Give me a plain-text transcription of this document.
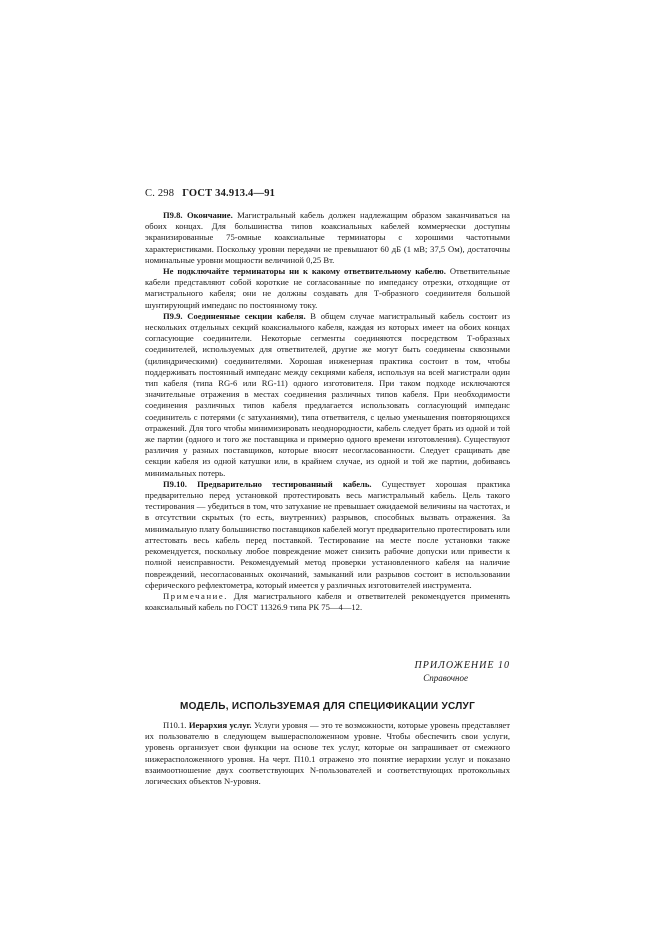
С. 298 ГОСТ 34.913.4—91

П9.8. Окончание. Магистральный кабель должен надлежащим образом заканчиваться на обоих концах. Для большинства типов коаксиальных кабелей коммерчески доступны экранизированные 75-омные коаксиальные терминаторы с хорошими частотными характеристиками. Поскольку уровни передачи не превышают 60 дБ (1 мВ; 37,5 Ом), достаточны номинальные уровни мощности величиной 0,25 Вт.

Не подключайте терминаторы ни к какому ответвительному кабелю. Ответвительные кабели представляют собой короткие не согласованные по импедансу отрезки, отходящие от магистрального кабеля; они не должны создавать для Т-образного соединителя большой шунтирующий импеданс по постоянному току.

П9.9. Соединенные секции кабеля. В общем случае магистральный кабель состоит из нескольких отдельных секций коаксиального кабеля, каждая из которых имеет на обоих концах согласующие соединители. Некоторые сегменты соединяются посредством Т-образных соединителей, используемых для ответвителей, другие же могут быть соединены сквозными (цилиндрическими) соединителями. Хорошая инженерная практика состоит в том, чтобы поддерживать постоянный импеданс между секциями кабеля, используя на всей магистрали один тип кабеля (типа RG-6 или RG-11) одного изготовителя. При таком подходе исключаются значительные отражения в местах соединения различных типов кабеля. При необходимости соединения различных типов кабеля предлагается использовать согласующий импеданс соединитель с потерями (с затуханиями), типа ответвителя, с целью уменьшения повторяющихся отражений. Для того чтобы минимизировать неоднородности, кабель следует брать из одной и той же партии (одного и того же поставщика и примерно одного времени изготовления). Существуют различия у разных поставщиков, которые вносят несогласованности. Следует сращивать две секции кабеля из одной катушки или, в крайнем случае, из одной и той же партии, добиваясь минимальных потерь.

П9.10. Предварительно тестированный кабель. Существует хорошая практика предварительно перед установкой протестировать весь магистральный кабель. Цель такого тестирования — убедиться в том, что затухание не превышает ожидаемой величины на частотах, и в отсутствии скрытых (то есть, внутренних) разрывов, способных вызвать отражения. За минимальную плату большинство поставщиков кабелей могут предварительно протестировать или аттестовать весь кабель перед поставкой. Тестирование на месте после установки также рекомендуется, поскольку любое повреждение может снизить рабочие допуски или привести к полной неисправности. Рекомендуемый метод проверки установленного кабеля на наличие повреждений, несогласованных окончаний, замыканий или разрывов состоит в использовании сферического рефлектометра, который имеется у различных изготовителей инструмента.

Примечание. Для магистрального кабеля и ответвителей рекомендуется применять коаксиальный кабель по ГОСТ 11326.9 типа РК 75—4—12.

ПРИЛОЖЕНИЕ 10
Справочное
МОДЕЛЬ, ИСПОЛЬЗУЕМАЯ ДЛЯ СПЕЦИФИКАЦИИ УСЛУГ

П10.1. Иерархия услуг. Услуги уровня — это те возможности, которые уровень представляет их пользователю в следующем вышерасположенном уровне. Чтобы обеспечить свои услуги, уровень организует свои функции на основе тех услуг, которые он запрашивает от смежного нижерасположенного уровня. На черт. П10.1 отражено это понятие иерархии услуг и показано взаимоотношение двух соответствующих N-пользователей и соответствующих протокольных логических объектов N-уровня.
